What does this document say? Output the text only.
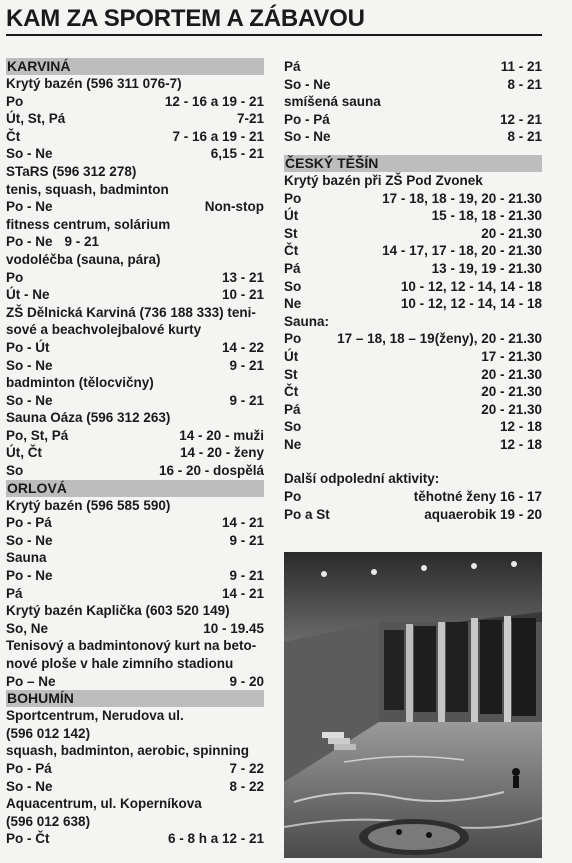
KAM ZA SPORTEM A ZÁBAVOU
KARVINÁ
Krytý bazén (596 311 076-7)
Po	12 - 16 a 19 - 21
Út, St, Pá	7-21
Čt	7 - 16 a 19 - 21
So - Ne	6,15 - 21
STaRS (596 312 278)
tenis, squash, badminton
Po - Ne	Non-stop
fitness centrum, solárium
Po - Ne 9 - 21
vodoléčba (sauna, pára)
Po	13 - 21
Út - Ne	10 - 21
ZŠ Dělnická Karviná (736 188 333) teni-
sové a beachvolejbalové kurty
Po - Út	14 - 22
So - Ne	9 - 21
badminton (tělocvičny)
So - Ne	9 - 21
Sauna Oáza (596 312 263)
Po, St, Pá	14 - 20 - muži
Út, Čt	14 - 20 - ženy
So	16 - 20 - dospělá
ORLOVÁ
Krytý bazén (596 585 590)
Po - Pá	14 - 21
So - Ne	9 - 21
Sauna
Po - Ne	9 - 21
Pá	14 - 21
Krytý bazén Kaplička (603 520 149)
So, Ne	10 - 19.45
Tenisový a badmintonový kurt na beto-
nové ploše v hale zimního stadionu
Po – Ne	9 - 20
BOHUMÍN
Sportcentrum, Nerudova ul.
(596 012 142)
squash, badminton, aerobic, spinning
Po - Pá	7 - 22
So - Ne	8 - 22
Aquacentrum, ul. Koperníkova
(596 012 638)
Po - Čt	6 - 8 h a 12 - 21
Pá	11 - 21
So - Ne	8 - 21
smíšená sauna
Po - Pá	12 - 21
So - Ne	8 - 21
ČESKÝ TĚŠÍN
Krytý bazén při ZŠ Pod Zvonek
Po	17 - 18, 18 - 19, 20 - 21.30
Út	15 - 18, 18 - 21.30
St	20 - 21.30
Čt	14 - 17, 17 - 18, 20 - 21.30
Pá	13 - 19, 19 - 21.30
So	10 - 12, 12 - 14, 14 - 18
Ne	10 - 12, 12 - 14, 14 - 18
Sauna:
Po	17 – 18, 18 – 19(ženy), 20 - 21.30
Út	17 - 21.30
St	20 - 21.30
Čt	20 - 21.30
Pá	20 - 21.30
So	12 - 18
Ne	12 - 18
Další odpolední aktivity:
Po	těhotné ženy 16 - 17
Po a St	aquaerobik 19 - 20
